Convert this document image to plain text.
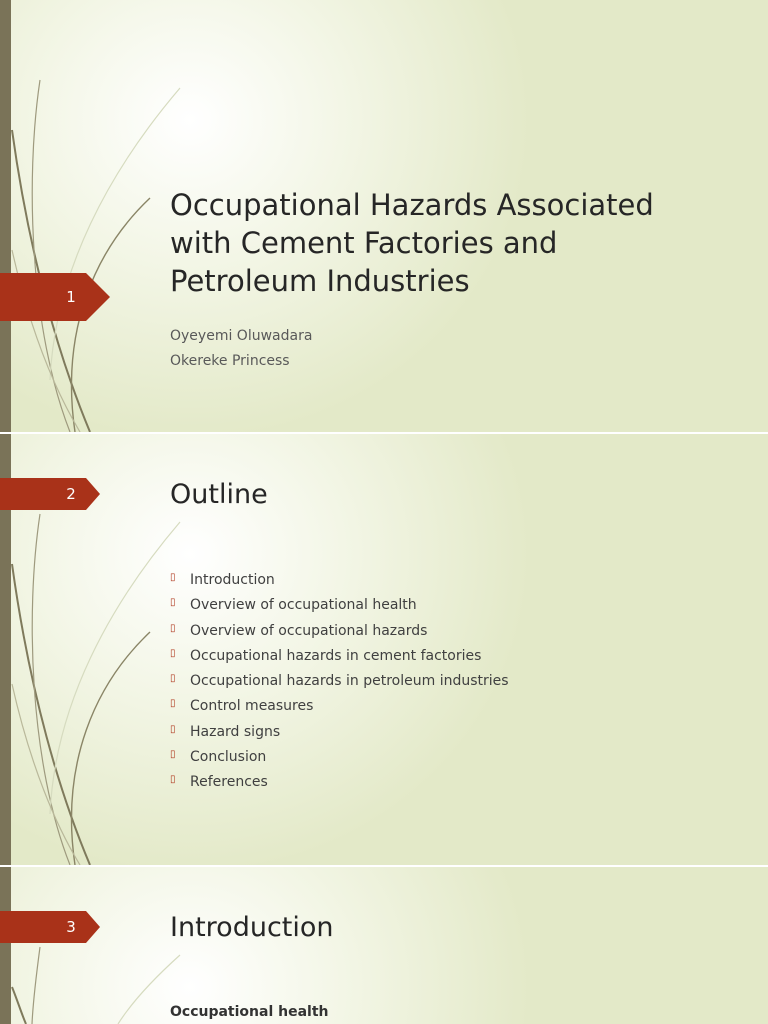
1
Occupational Hazards Associated
with Cement Factories and
Petroleum Industries
Oyeyemi Oluwadara
Okereke Princess
2	Outline
▯ Introduction
▯ Overview of occupational health
▯ Overview of occupational hazards
▯ Occupational hazards in cement factories
▯ Occupational hazards in petroleum industries
▯ Control measures
▯ Hazard signs
▯ Conclusion
▯ References
3	Introduction
Occupational health
